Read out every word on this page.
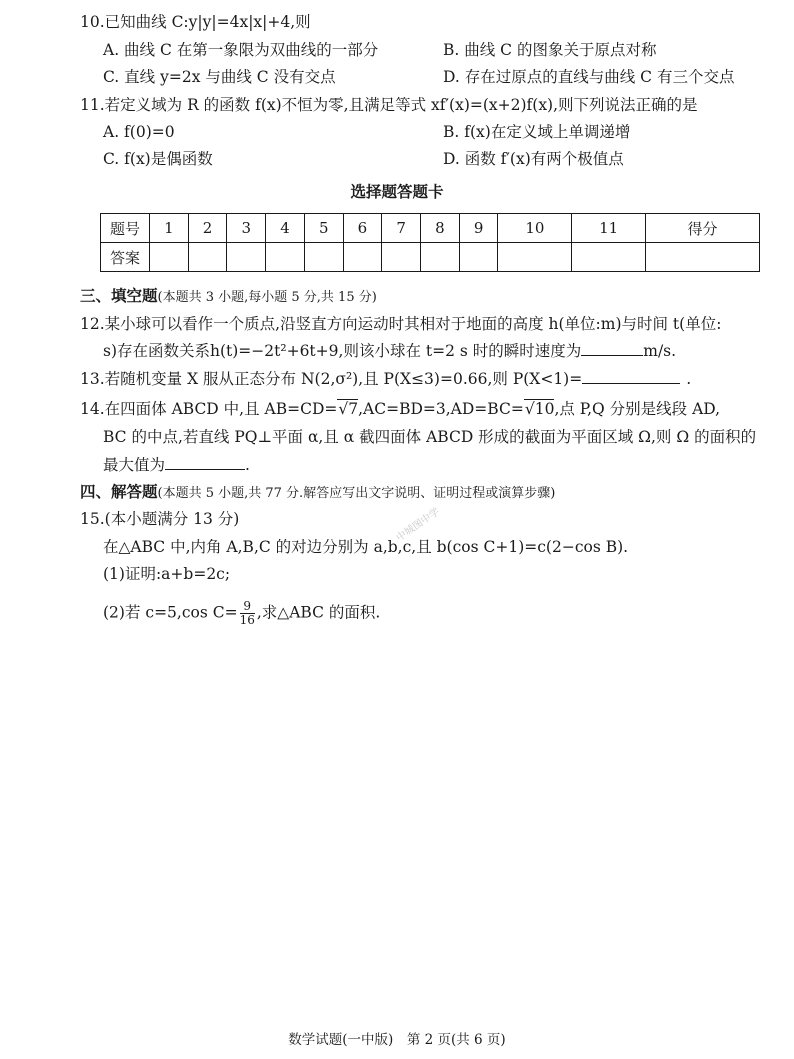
10.已知曲线 C:y|y|=4x|x|+4,则
A. 曲线 C 在第一象限为双曲线的一部分	B. 曲线 C 的图象关于原点对称
C. 直线 y=2x 与曲线 C 没有交点	D. 存在过原点的直线与曲线 C 有三个交点
11.若定义域为 R 的函数 f(x)不恒为零,且满足等式 xf′(x)=(x+2)f(x),则下列说法正确的是
A. f(0)=0	B. f(x)在定义域上单调递增
C. f(x)是偶函数	D. 函数 f′(x)有两个极值点
选择题答题卡
题号	1	2	3	4	5	6	7	8	9	10	11	得分
答案												
三、填空题(本题共 3 小题,每小题 5 分,共 15 分)
12.某小球可以看作一个质点,沿竖直方向运动时其相对于地面的高度 h(单位:m)与时间 t(单位:
s)存在函数关系h(t)=−2t²+6t+9,则该小球在 t=2 s 时的瞬时速度为	m/s.
13.若随机变量 X 服从正态分布 N(2,σ²),且 P(X≤3)=0.66,则 P(X<1)=	.
14.在四面体 ABCD 中,且 AB=CD=√7,AC=BD=3,AD=BC=√10,点 P,Q 分别是线段 AD,
BC 的中点,若直线 PQ⊥平面 α,且 α 截四面体 ABCD 形成的截面为平面区域 Ω,则 Ω 的面积的
最大值为	.
四、解答题(本题共 5 小题,共 77 分.解答应写出文字说明、证明过程或演算步骤)
15.(本小题满分 13 分)
在△ABC 中,内角 A,B,C 的对边分别为 a,b,c,且 b(cos C+1)=c(2−cos B).
(1)证明:a+b=2c;
(2)若 c=5,cos $C= \frac{9}{16}$ ,求△ABC 的面积.
中城图中学
数学试题(一中版)　第 2 页(共 6 页)
